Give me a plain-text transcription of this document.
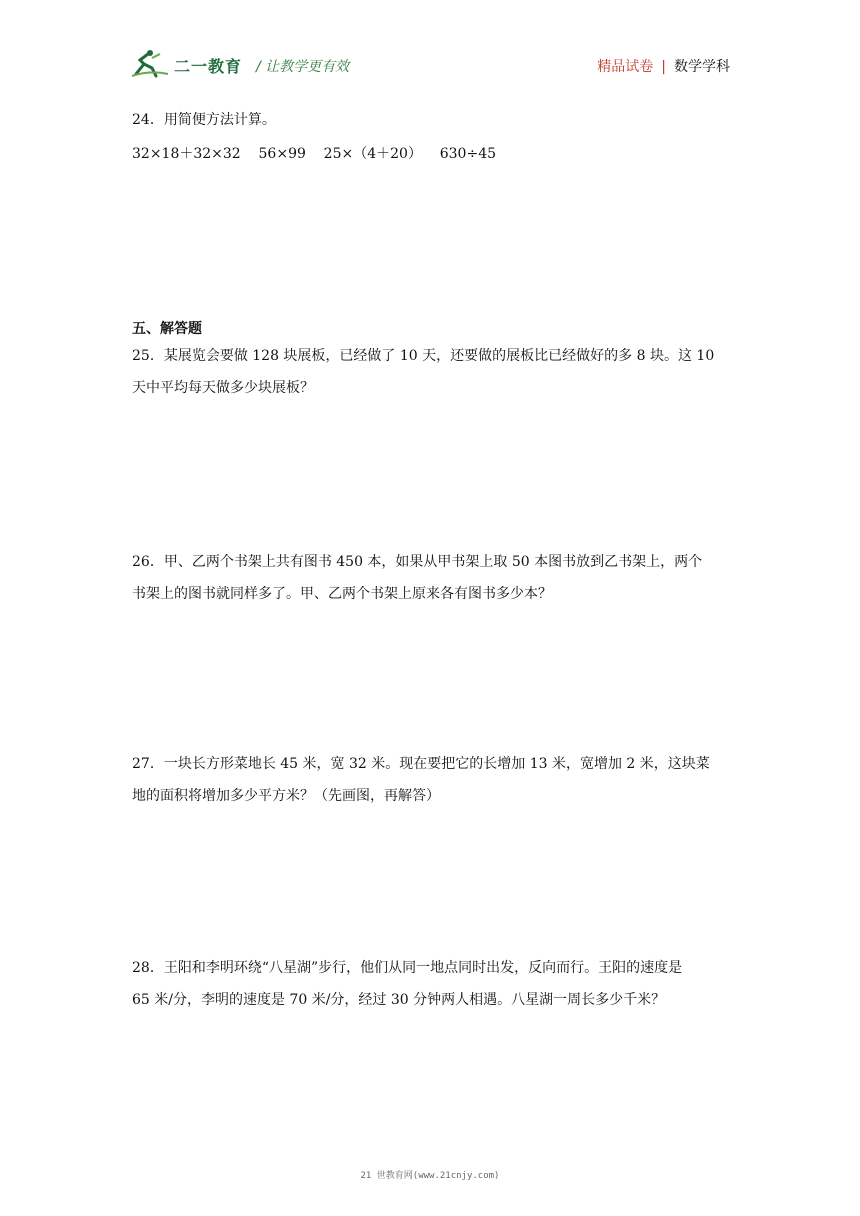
二一教育 / 让教学更有效	精品试卷 | 数学学科
24．用简便方法计算。
32×18＋32×32    56×99    25×（4＋20）    630÷45
五、解答题
25．某展览会要做 128 块展板，已经做了 10 天，还要做的展板比已经做好的多 8 块。这 10
天中平均每天做多少块展板？
26．甲、乙两个书架上共有图书 450 本，如果从甲书架上取 50 本图书放到乙书架上，两个
书架上的图书就同样多了。甲、乙两个书架上原来各有图书多少本？
27．一块长方形菜地长 45 米，宽 32 米。现在要把它的长增加 13 米，宽增加 2 米，这块菜
地的面积将增加多少平方米？（先画图，再解答）
28．王阳和李明环绕“八星湖”步行，他们从同一地点同时出发，反向而行。王阳的速度是
65 米/分，李明的速度是 70 米/分，经过 30 分钟两人相遇。八星湖一周长多少千米？
21 世教育网(www.21cnjy.com)
